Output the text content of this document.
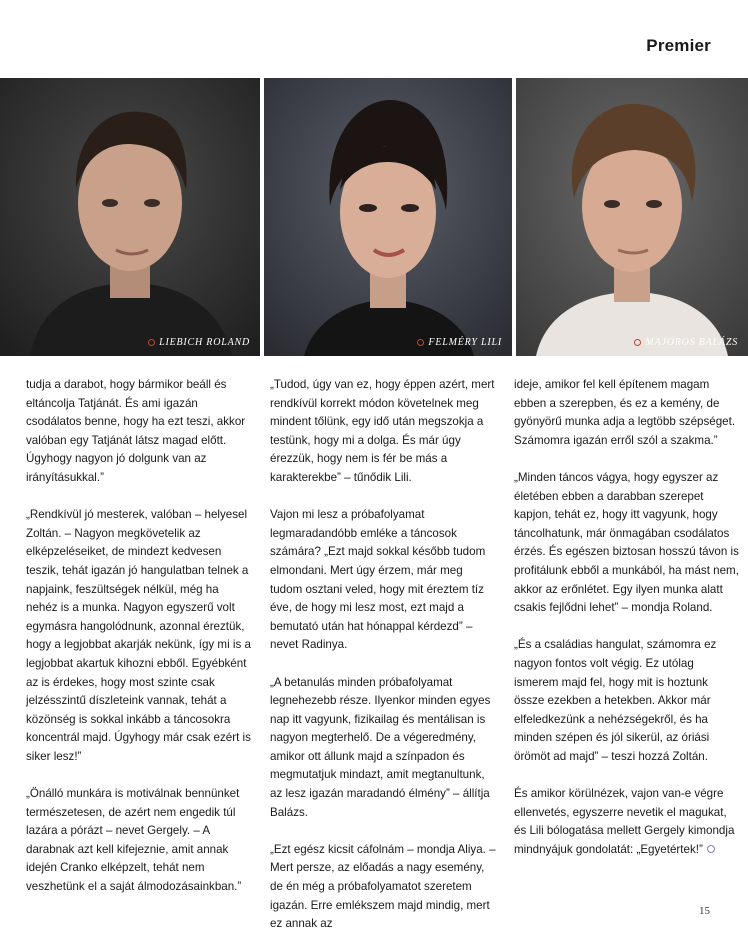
Premier
LIEBICH ROLAND	FELMÉRY LILI	MAJOROS BALÁZS

tudja a darabot, hogy bármikor beáll és eltáncolja Tatjánát. És ami igazán csodálatos benne, hogy ha ezt teszi, akkor valóban egy Tatjánát látsz magad előtt. Úgyhogy nagyon jó dolgunk van az irányításukkal.”

„Rendkívül jó mesterek, valóban – helyesel Zoltán. – Nagyon megkövetelik az elképzeléseiket, de mindezt kedvesen teszik, tehát igazán jó hangulatban telnek a napjaink, feszültségek nélkül, még ha nehéz is a munka. Nagyon egyszerű volt egymásra hangolódnunk, azonnal éreztük, hogy a legjobbat akarják nekünk, így mi is a legjobbat akartuk kihozni ebből. Egyébként az is érdekes, hogy most szinte csak jelzésszintű díszleteink vannak, tehát a közönség is sokkal inkább a táncosokra koncentrál majd. Úgyhogy már csak ezért is siker lesz!”

„Önálló munkára is motiválnak bennünket természetesen, de azért nem engedik túl lazára a pórázt – nevet Gergely. – A darabnak azt kell kifejeznie, amit annak idején Cranko elképzelt, tehát nem veszhetünk el a saját álmodozásainkban.”

„Tudod, úgy van ez, hogy éppen azért, mert rendkívül korrekt módon követelnek meg mindent tőlünk, egy idő után megszokja a testünk, hogy mi a dolga. És már úgy érezzük, hogy nem is fér be más a karakterekbe” – tűnődik Lili.

Vajon mi lesz a próbafolyamat legmaradandóbb emléke a táncosok számára? „Ezt majd sokkal később tudom elmondani. Mert úgy érzem, már meg tudom osztani veled, hogy mit éreztem tíz éve, de hogy mi lesz most, ezt majd a bemutató után hat hónappal kérdezd” – nevet Radinya.

„A betanulás minden próbafolyamat legnehezebb része. Ilyenkor minden egyes nap itt vagyunk, fizikailag és mentálisan is nagyon megterhelő. De a végeredmény, amikor ott állunk majd a színpadon és megmutatjuk mindazt, amit megtanultunk, az lesz igazán maradandó élmény” – állítja Balázs.

„Ezt egész kicsit cáfolnám – mondja Aliya. – Mert persze, az előadás a nagy esemény, de én még a próbafolyamatot szeretem igazán. Erre emlékszem majd mindig, mert ez annak az

ideje, amikor fel kell építenem magam ebben a szerepben, és ez a kemény, de gyönyörű munka adja a legtöbb szépséget. Számomra igazán erről szól a szakma.”

„Minden táncos vágya, hogy egyszer az életében ebben a darabban szerepet kapjon, tehát ez, hogy itt vagyunk, hogy táncolhatunk, már önmagában csodálatos érzés. És egészen biztosan hosszú távon is profitálunk ebből a munkából, ha mást nem, akkor az erőnlétet. Egy ilyen munka alatt csakis fejlődni lehet” – mondja Roland.

„És a családias hangulat, számomra ez nagyon fontos volt végig. Ez utólag ismerem majd fel, hogy mit is hoztunk össze ezekben a hetekben. Akkor már elfeledkezünk a nehézségekről, és ha minden szépen és jól sikerül, az óriási örömöt ad majd” – teszi hozzá Zoltán.

És amikor körülnézek, vajon van-e végre ellenvetés, egyszerre nevetik el magukat, és Lili bólogatása mellett Gergely kimondja mindnyájuk gondolatát: „Egyetértek!”

15
